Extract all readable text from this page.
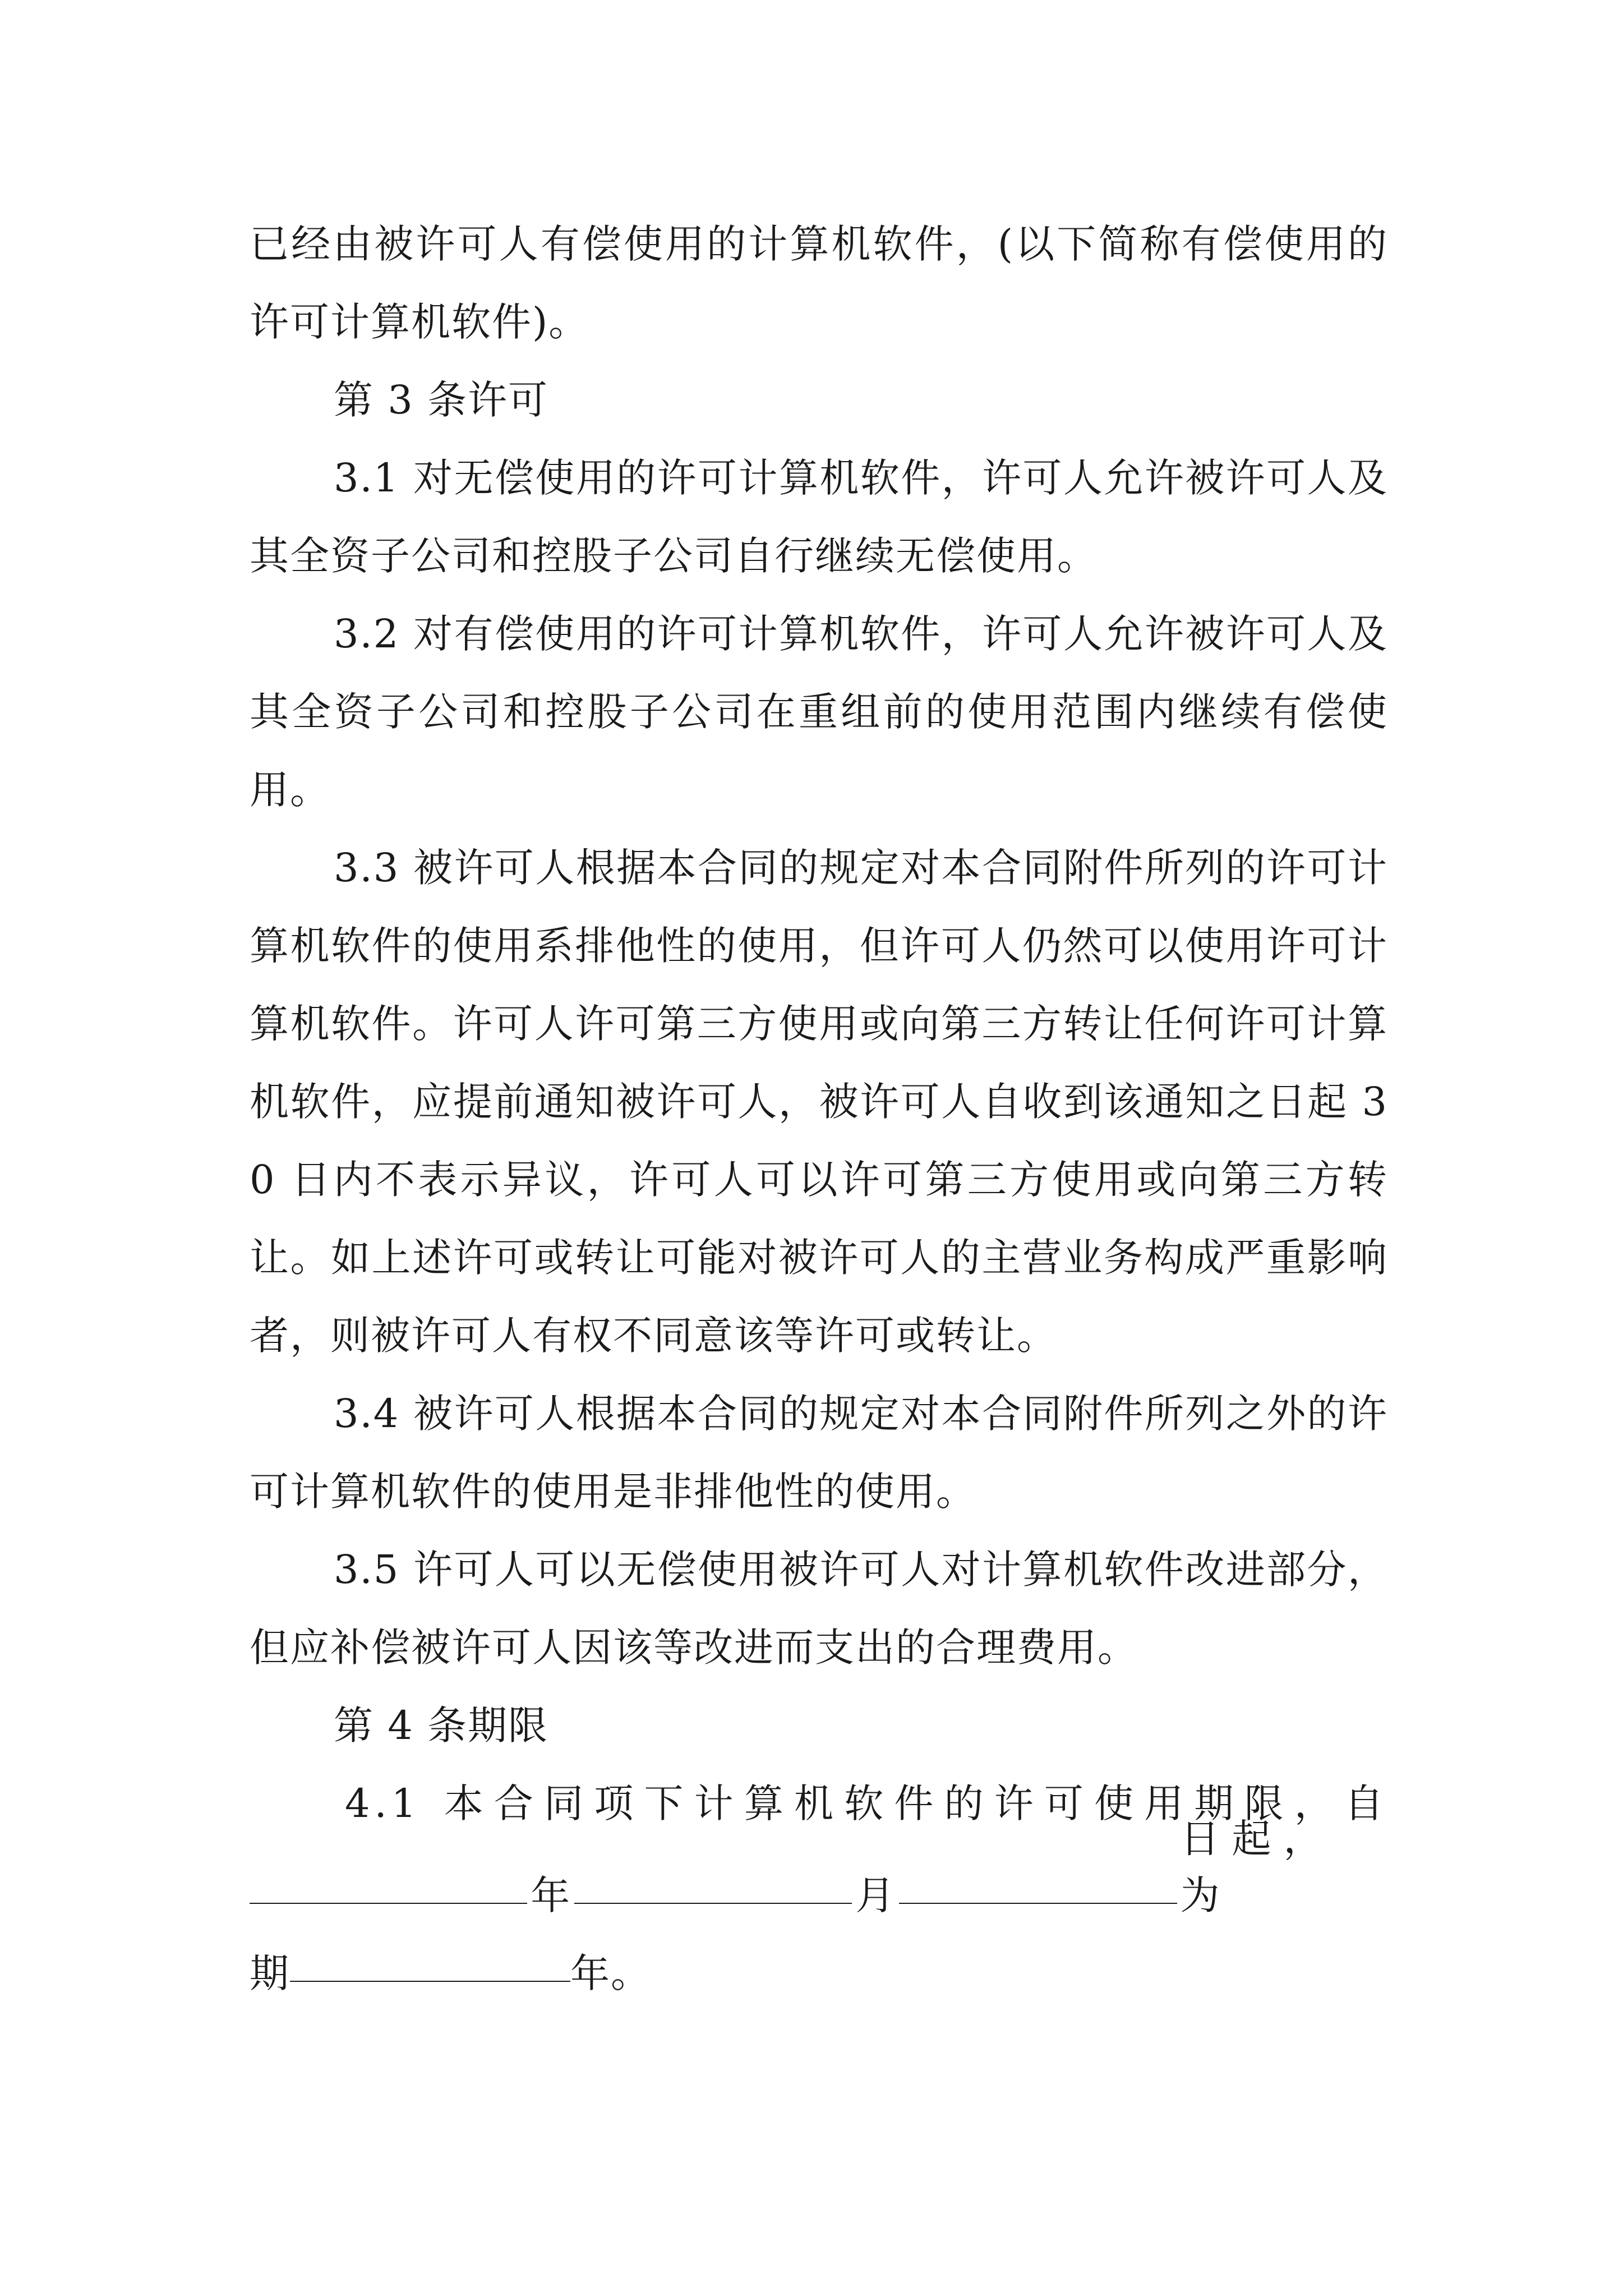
已经由被许可人有偿使用的计算机软件，(以下简称有偿使用的许可计算机软件)。

第 3 条许可

3.1 对无偿使用的许可计算机软件，许可人允许被许可人及其全资子公司和控股子公司自行继续无偿使用。

3.2 对有偿使用的许可计算机软件，许可人允许被许可人及其全资子公司和控股子公司在重组前的使用范围内继续有偿使用。

3.3 被许可人根据本合同的规定对本合同附件所列的许可计算机软件的使用系排他性的使用，但许可人仍然可以使用许可计算机软件。许可人许可第三方使用或向第三方转让任何许可计算机软件，应提前通知被许可人，被许可人自收到该通知之日起 30 日内不表示异议，许可人可以许可第三方使用或向第三方转让。如上述许可或转让可能对被许可人的主营业务构成严重影响者，则被许可人有权不同意该等许可或转让。

3.4 被许可人根据本合同的规定对本合同附件所列之外的许可计算机软件的使用是非排他性的使用。

3.5 许可人可以无偿使用被许可人对计算机软件改进部分，但应补偿被许可人因该等改进而支出的合理费用。

第 4 条期限

4.1 本合同项下计算机软件的许可使用期限，自
年	月
日起，为
期	年。
